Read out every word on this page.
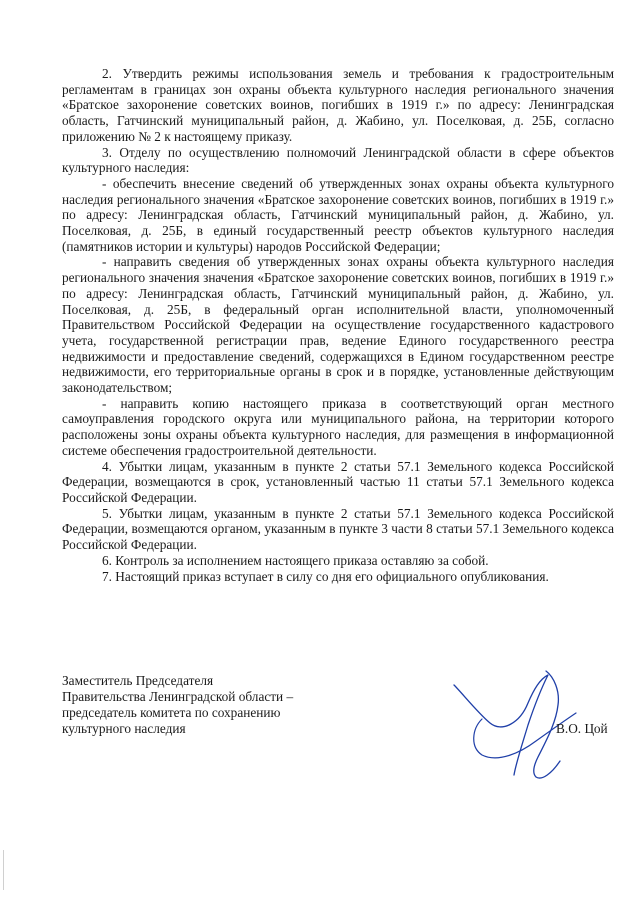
2. Утвердить режимы использования земель и требования к градостроительным регламентам в границах зон охраны объекта культурного наследия регионального значения «Братское захоронение советских воинов, погибших в 1919 г.» по адресу: Ленинградская область, Гатчинский муниципальный район, д. Жабино, ул. Поселковая, д. 25Б, согласно приложению № 2 к настоящему приказу.

3. Отделу по осуществлению полномочий Ленинградской области в сфере объектов культурного наследия:

- обеспечить внесение сведений об утвержденных зонах охраны объекта культурного наследия регионального значения «Братское захоронение советских воинов, погибших в 1919 г.» по адресу: Ленинградская область, Гатчинский муниципальный район, д. Жабино, ул. Поселковая, д. 25Б, в единый государственный реестр объектов культурного наследия (памятников истории и культуры) народов Российской Федерации;

- направить сведения об утвержденных зонах охраны объекта культурного наследия регионального значения значения «Братское захоронение советских воинов, погибших в 1919 г.» по адресу: Ленинградская область, Гатчинский муниципальный район, д. Жабино, ул. Поселковая, д. 25Б, в федеральный орган исполнительной власти, уполномоченный Правительством Российской Федерации на осуществление государственного кадастрового учета, государственной регистрации прав, ведение Единого государственного реестра недвижимости и предоставление сведений, содержащихся в Едином государственном реестре недвижимости, его территориальные органы в срок и в порядке, установленные действующим законодательством;

- направить копию настоящего приказа в соответствующий орган местного самоуправления городского округа или муниципального района, на территории которого расположены зоны охраны объекта культурного наследия, для размещения в информационной системе обеспечения градостроительной деятельности.

4. Убытки лицам, указанным в пункте 2 статьи 57.1 Земельного кодекса Российской Федерации, возмещаются в срок, установленный частью 11 статьи 57.1 Земельного кодекса Российской Федерации.

5. Убытки лицам, указанным в пункте 2 статьи 57.1 Земельного кодекса Российской Федерации, возмещаются органом, указанным в пункте 3 части 8 статьи 57.1 Земельного кодекса Российской Федерации.

6. Контроль за исполнением настоящего приказа оставляю за собой.

7. Настоящий приказ вступает в силу со дня его официального опубликования.

Заместитель Председателя
Правительства Ленинградской области –
председатель комитета по сохранению
культурного наследия	В.О. Цой
